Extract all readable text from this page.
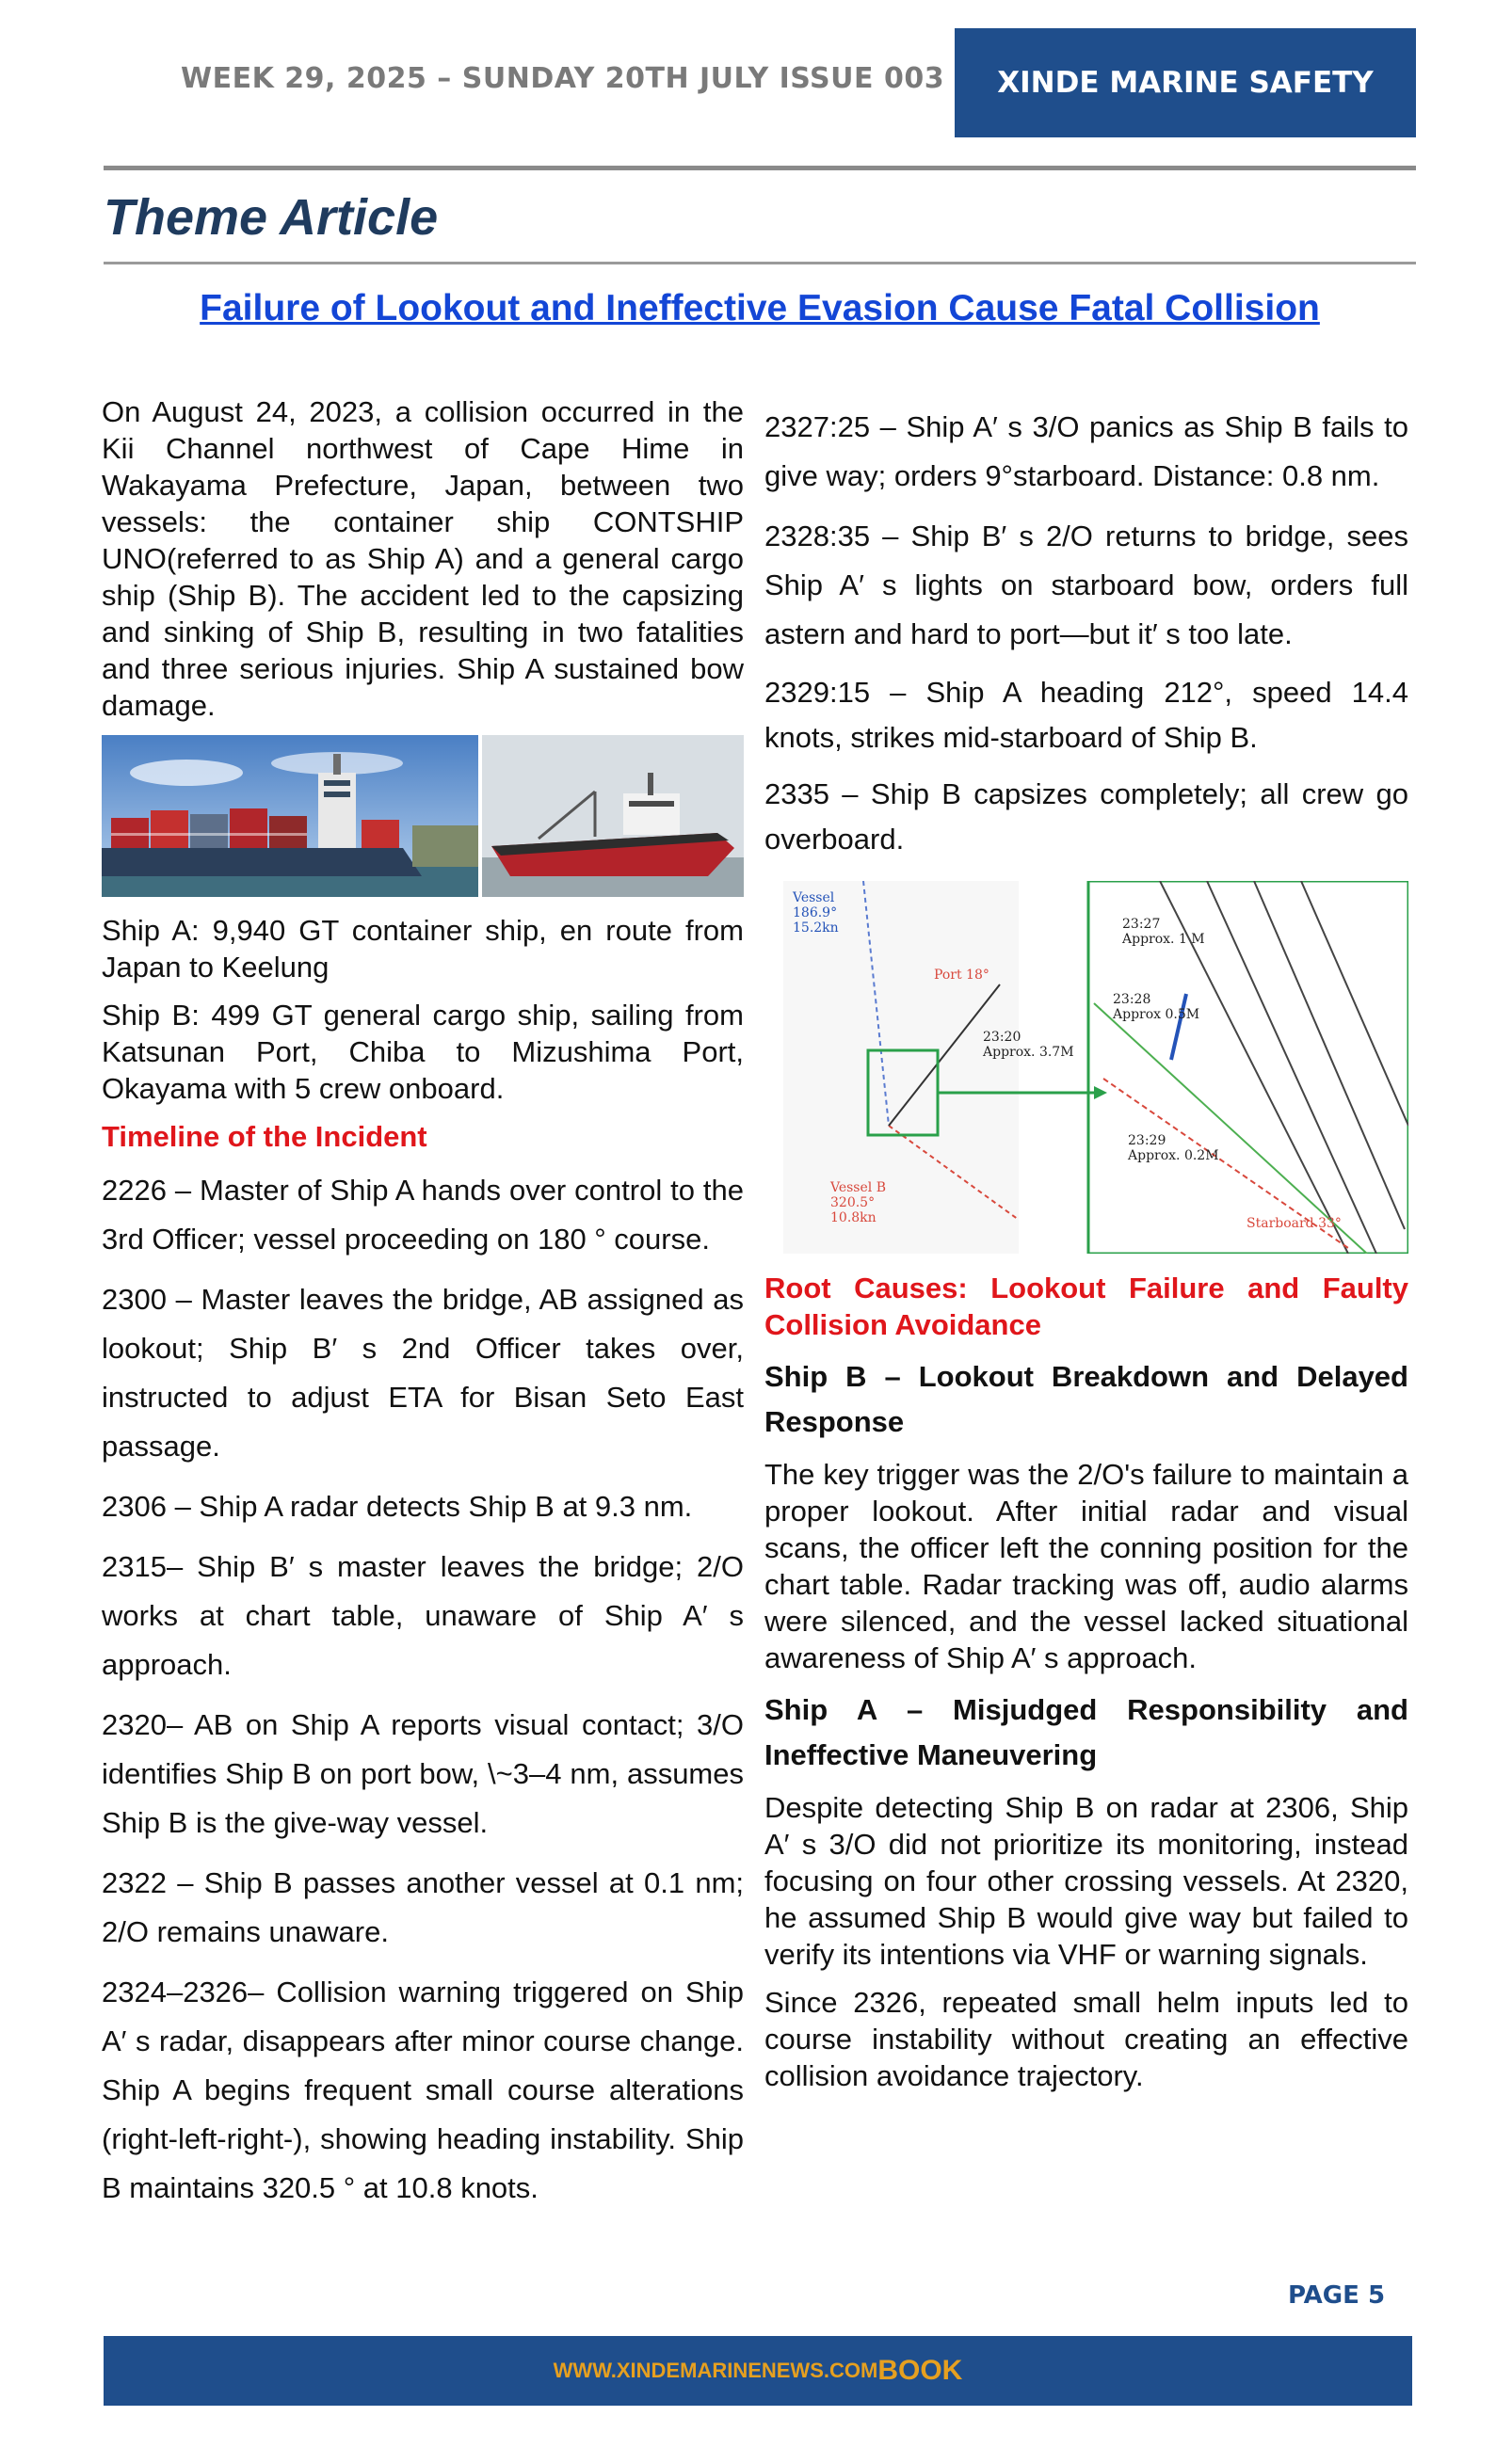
WEEK 29, 2025 – SUNDAY 20TH JULY ISSUE 003	XINDE MARINE SAFETY
Theme Article
Failure of Lookout and Ineffective Evasion Cause Fatal Collision

On August 24, 2023, a collision occurred in the Kii Channel northwest of Cape Hime in Wakayama Prefecture, Japan, between two vessels: the container ship CONTSHIP UNO(referred to as Ship A) and a general cargo ship (Ship B). The accident led to the capsizing and sinking of Ship B, resulting in two fatalities and three serious injuries. Ship A sustained bow damage.

Ship A: 9,940 GT container ship, en route from Japan to Keelung

Ship B: 499 GT general cargo ship, sailing from Katsunan Port, Chiba to Mizushima Port, Okayama with 5 crew onboard.

Timeline of the Incident

2226 – Master of Ship A hands over control to the 3rd Officer; vessel proceeding on 180 ° course.

2300 – Master leaves the bridge, AB assigned as lookout; Ship B′ s 2nd Officer takes over, instructed to adjust ETA for Bisan Seto East passage.

2306 – Ship A radar detects Ship B at 9.3 nm.

2315– Ship B′ s master leaves the bridge; 2/O works at chart table, unaware of Ship A′ s approach.

2320– AB on Ship A reports visual contact; 3/O identifies Ship B on port bow, \~3–4 nm, assumes Ship B is the give-way vessel.

2322 – Ship B passes another vessel at 0.1 nm; 2/O remains unaware.

2324–2326– Collision warning triggered on Ship A′ s radar, disappears after minor course change. Ship A begins frequent small course alterations (right-left-right-), showing heading instability. Ship B maintains 320.5 ° at 10.8 knots.

2327:25 – Ship A′ s 3/O panics as Ship B fails to give way; orders 9°starboard. Distance: 0.8 nm.

2328:35 – Ship B′ s 2/O returns to bridge, sees Ship A′ s lights on starboard bow, orders full astern and hard to port—but it′ s too late.

2329:15 – Ship A heading 212°, speed 14.4 knots, strikes mid-starboard of Ship B.

2335 – Ship B capsizes completely; all crew go overboard.

Vessel
186.9°
15.2kn
Port 18°
23:20
Approx. 3.7M
Vessel B
320.5°
10.8kn
23:27
Approx. 1 M
23:28
Approx 0.5M
23:29
Approx. 0.2M
Starboard 33°

Root Causes: Lookout Failure and Faulty Collision Avoidance

Ship B – Lookout Breakdown and Delayed Response

The key trigger was the 2/O's failure to maintain a proper lookout. After initial radar and visual scans, the officer left the conning position for the chart table. Radar tracking was off, audio alarms were silenced, and the vessel lacked situational awareness of Ship A′ s approach.

Ship A – Misjudged Responsibility and Ineffective Maneuvering

Despite detecting Ship B on radar at 2306, Ship A′ s 3/O did not prioritize its monitoring, instead focusing on four other crossing vessels. At 2320, he assumed Ship B would give way but failed to verify its intentions via VHF or warning signals.

Since 2326, repeated small helm inputs led to course instability without creating an effective collision avoidance trajectory.

PAGE 5
WWW.XINDEMARINENEWS.COM BOOK
